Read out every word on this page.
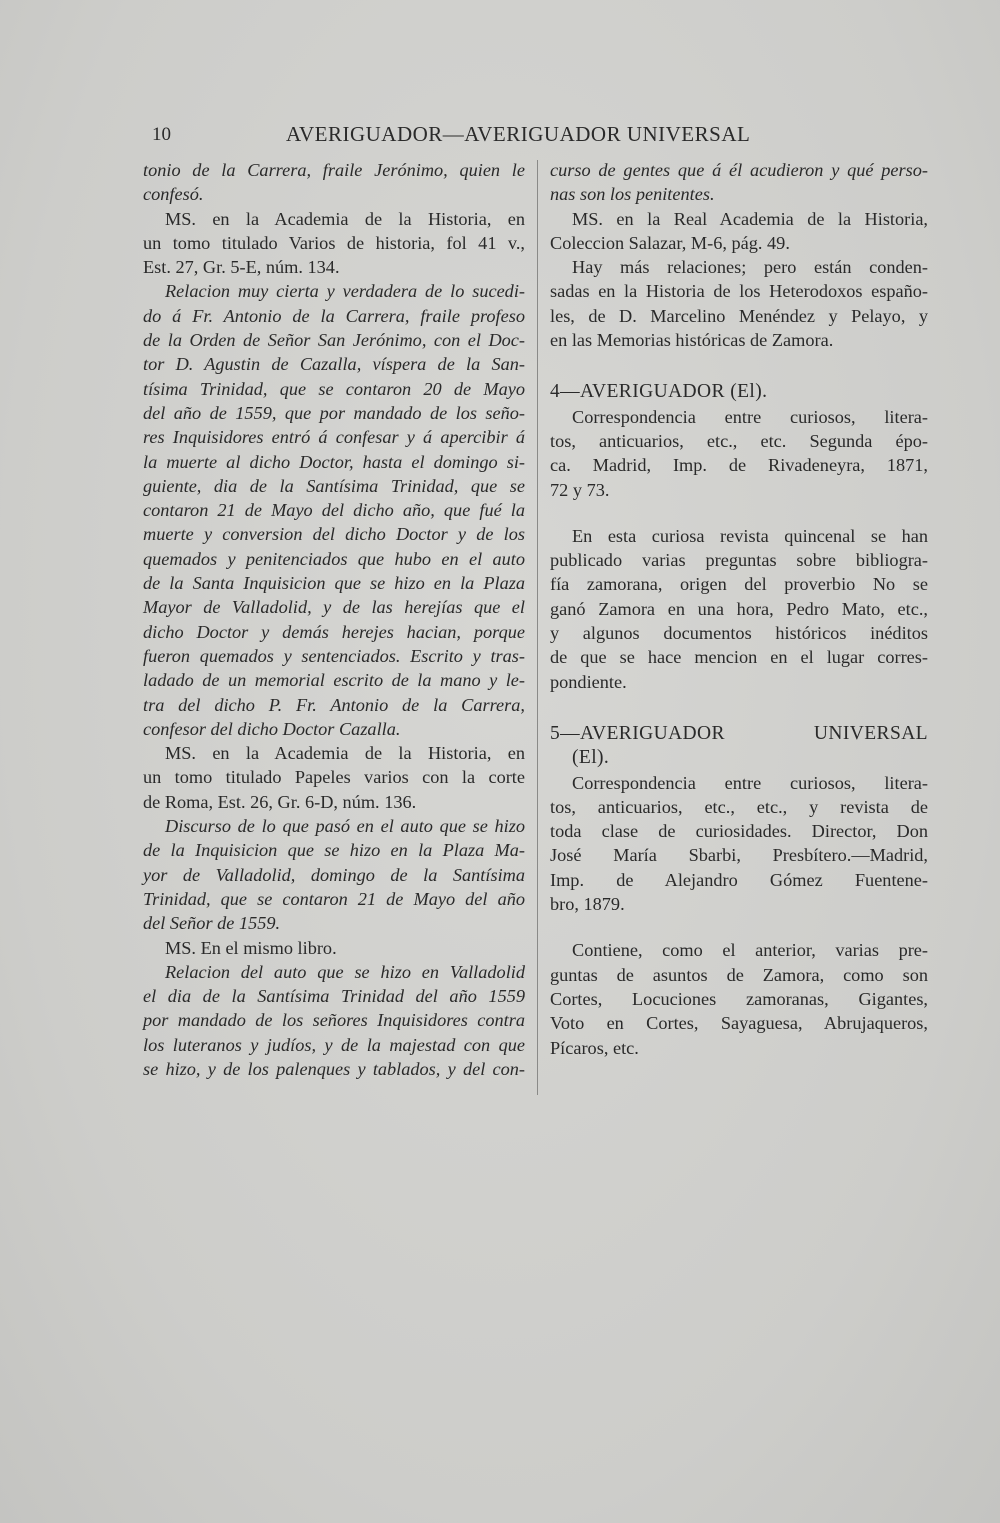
10	AVERIGUADOR—AVERIGUADOR UNIVERSAL
tonio de la Carrera, fraile Jerónimo, quien le
confesó.
MS. en la Academia de la Historia, en
un tomo titulado Varios de historia, fol 41 v.,
Est. 27, Gr. 5-E, núm. 134.
Relacion muy cierta y verdadera de lo sucedi-
do á Fr. Antonio de la Carrera, fraile profeso
de la Orden de Señor San Jerónimo, con el Doc-
tor D. Agustin de Cazalla, víspera de la San-
tísima Trinidad, que se contaron 20 de Mayo
del año de 1559, que por mandado de los seño-
res Inquisidores entró á confesar y á apercibir á
la muerte al dicho Doctor, hasta el domingo si-
guiente, dia de la Santísima Trinidad, que se
contaron 21 de Mayo del dicho año, que fué la
muerte y conversion del dicho Doctor y de los
quemados y penitenciados que hubo en el auto
de la Santa Inquisicion que se hizo en la Plaza
Mayor de Valladolid, y de las herejías que el
dicho Doctor y demás herejes hacian, porque
fueron quemados y sentenciados. Escrito y tras-
ladado de un memorial escrito de la mano y le-
tra del dicho P. Fr. Antonio de la Carrera,
confesor del dicho Doctor Cazalla.
MS. en la Academia de la Historia, en
un tomo titulado Papeles varios con la corte
de Roma, Est. 26, Gr. 6-D, núm. 136.
Discurso de lo que pasó en el auto que se hizo
de la Inquisicion que se hizo en la Plaza Ma-
yor de Valladolid, domingo de la Santísima
Trinidad, que se contaron 21 de Mayo del año
del Señor de 1559.
MS. En el mismo libro.
Relacion del auto que se hizo en Valladolid
el dia de la Santísima Trinidad del año 1559
por mandado de los señores Inquisidores contra
los luteranos y judíos, y de la majestad con que
se hizo, y de los palenques y tablados, y del con-
curso de gentes que á él acudieron y qué perso-
nas son los penitentes.
MS. en la Real Academia de la Historia,
Coleccion Salazar, M-6, pág. 49.
Hay más relaciones; pero están conden-
sadas en la Historia de los Heterodoxos españo-
les, de D. Marcelino Menéndez y Pelayo, y
en las Memorias históricas de Zamora.
4—AVERIGUADOR (El).
Correspondencia entre curiosos, litera-
tos, anticuarios, etc., etc. Segunda épo-
ca. Madrid, Imp. de Rivadeneyra, 1871,
72 y 73.
En esta curiosa revista quincenal se han
publicado varias preguntas sobre bibliogra-
fía zamorana, origen del proverbio No se
ganó Zamora en una hora, Pedro Mato, etc.,
y algunos documentos históricos inéditos
de que se hace mencion en el lugar corres-
pondiente.
5—AVERIGUADOR UNIVERSAL
(El).
Correspondencia entre curiosos, litera-
tos, anticuarios, etc., etc., y revista de
toda clase de curiosidades. Director, Don
José María Sbarbi, Presbítero.—Madrid,
Imp. de Alejandro Gómez Fuentene-
bro, 1879.
Contiene, como el anterior, varias pre-
guntas de asuntos de Zamora, como son
Cortes, Locuciones zamoranas, Gigantes,
Voto en Cortes, Sayaguesa, Abrujaqueros,
Pícaros, etc.
